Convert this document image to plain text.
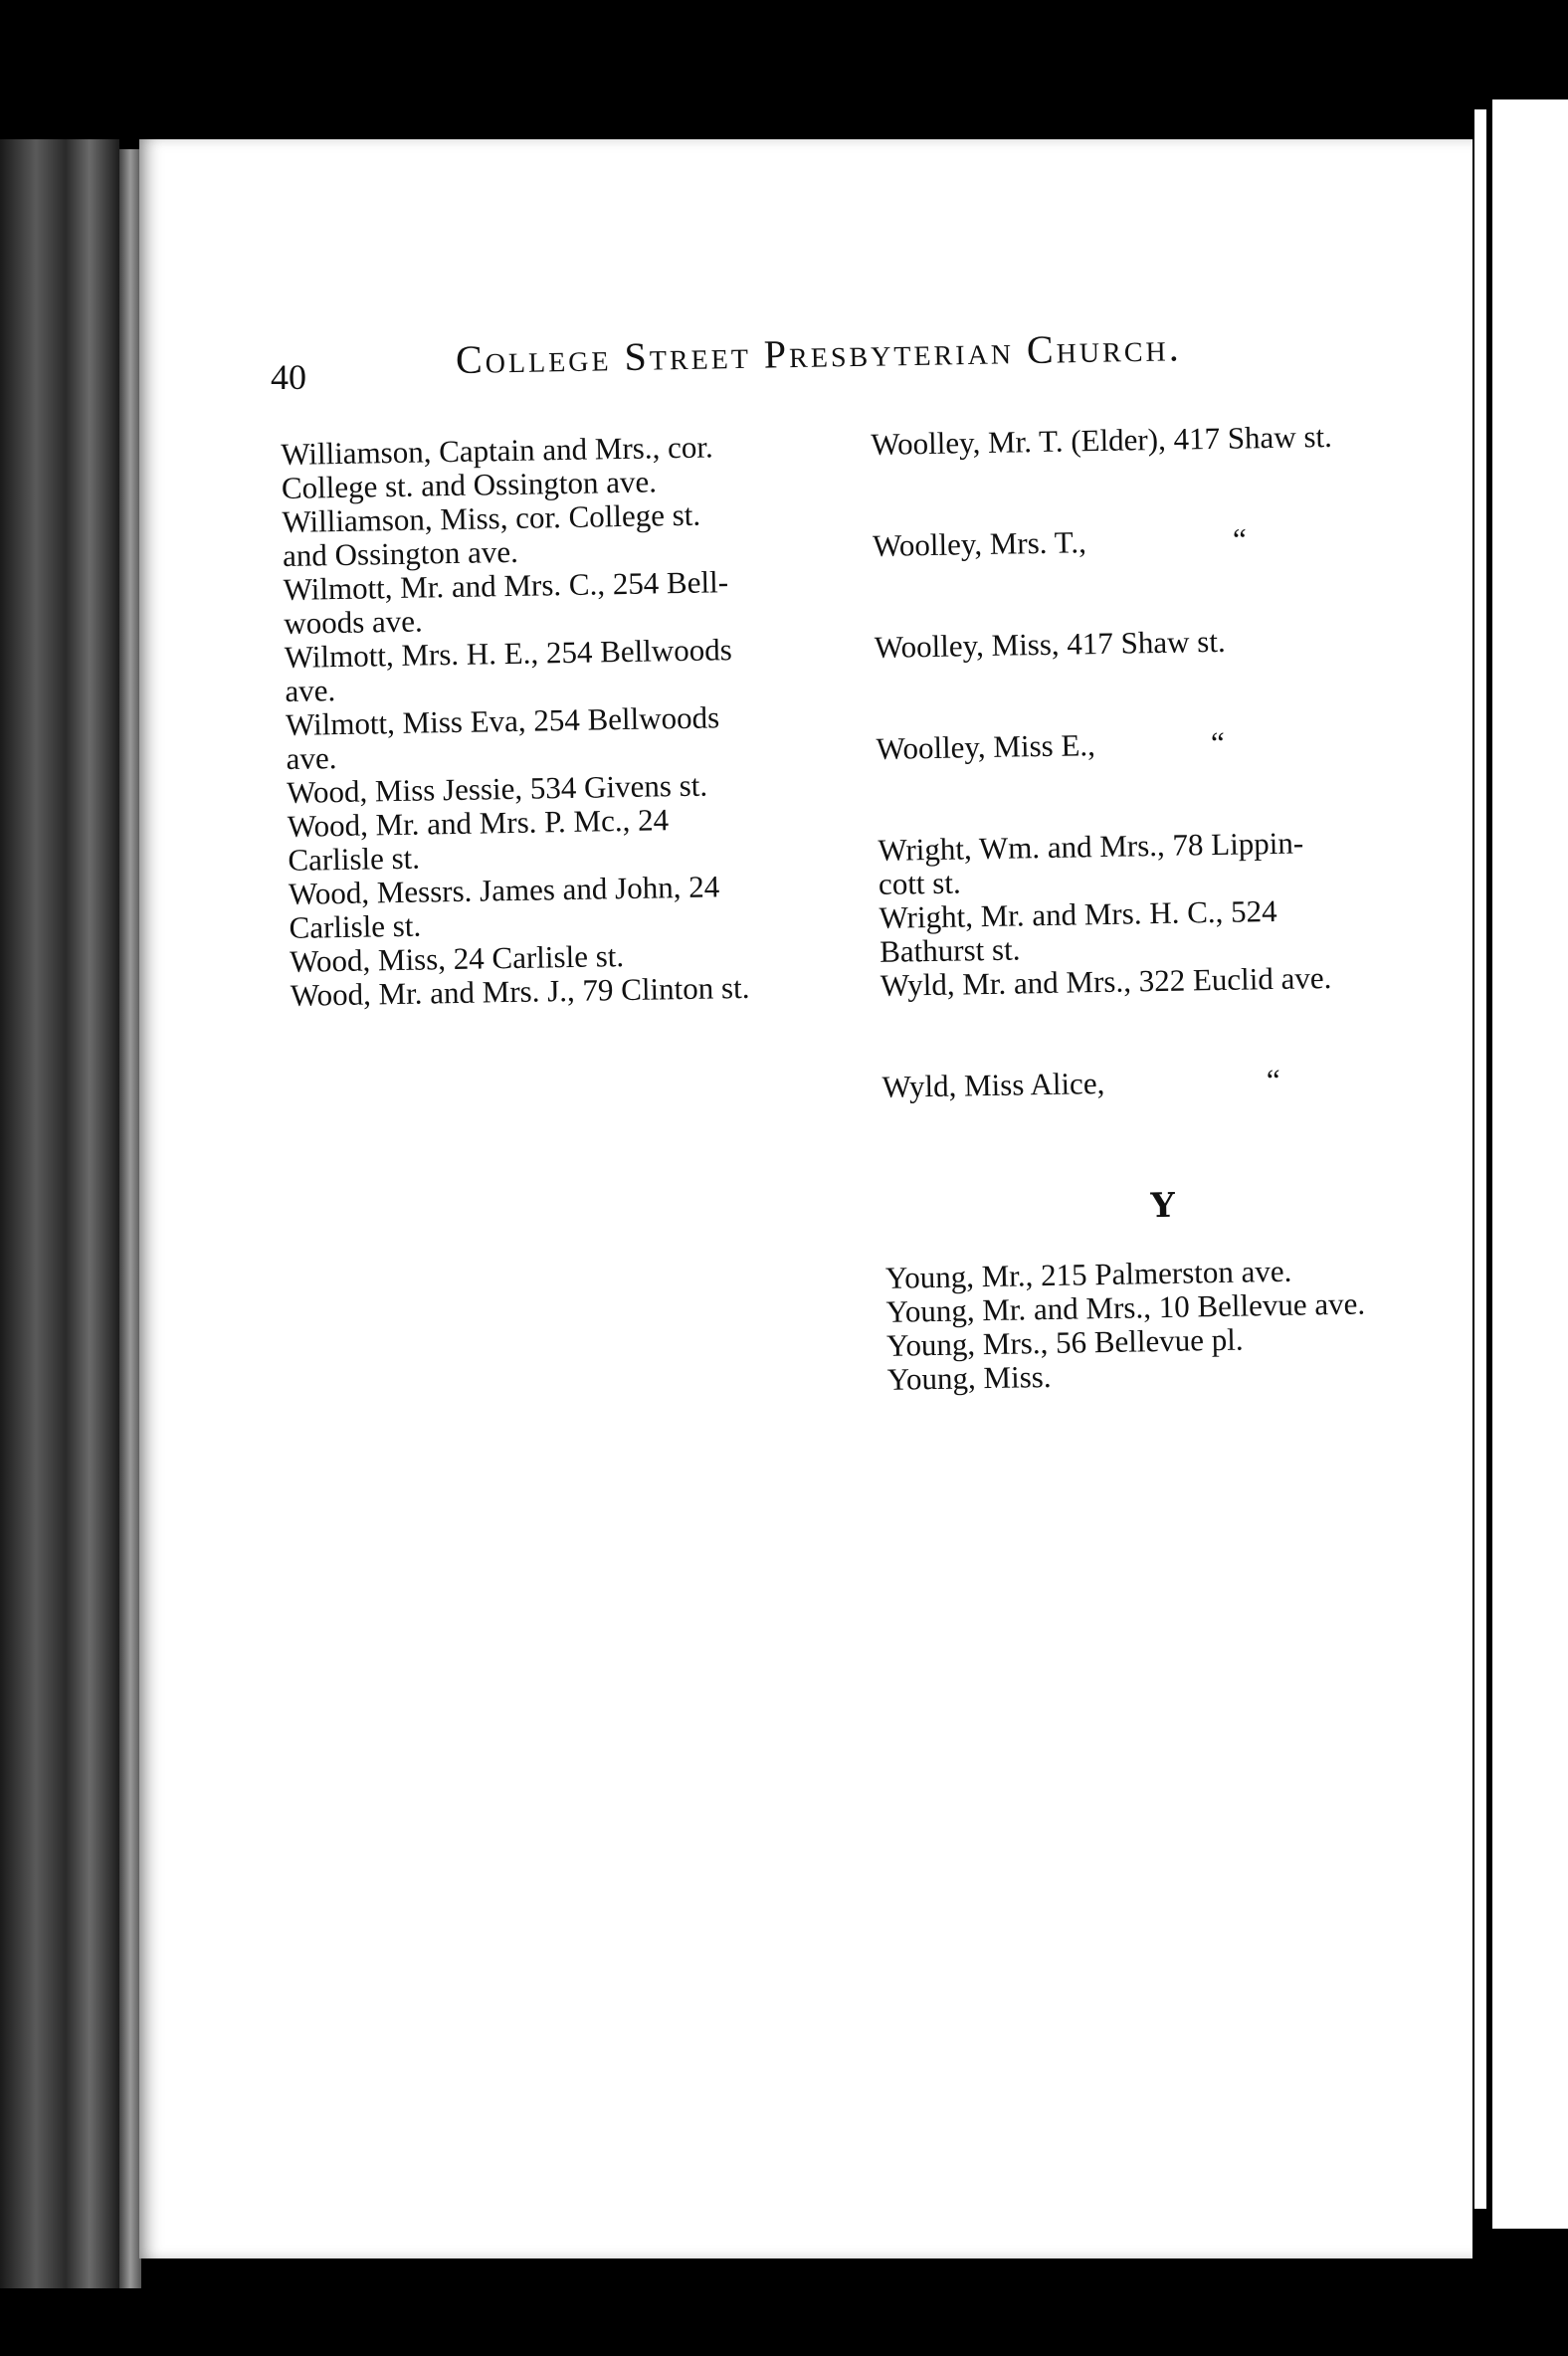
40	College Street Presbyterian Church.

Williamson, Captain and Mrs., cor.
College st. and Ossington ave.

Williamson, Miss, cor. College st.
and Ossington ave.

Wilmott, Mr. and Mrs. C., 254 Bell-
woods ave.

Wilmott, Mrs. H. E., 254 Bellwoods
ave.

Wilmott, Miss Eva, 254 Bellwoods
ave.

Wood, Miss Jessie, 534 Givens st.

Wood, Mr. and Mrs. P. Mc., 24
Carlisle st.

Wood, Messrs. James and John, 24
Carlisle st.

Wood, Miss, 24 Carlisle st.

Wood, Mr. and Mrs. J., 79 Clinton st.

Woolley, Mr. T. (Elder), 417 Shaw st.

Woolley, Mrs. T.,                   “

Woolley, Miss, 417 Shaw st.

Woolley, Miss E.,               “

Wright, Wm. and Mrs., 78 Lippin-
cott st.

Wright, Mr. and Mrs. H. C., 524
Bathurst st.

Wyld, Mr. and Mrs., 322 Euclid ave.

Wyld, Miss Alice,                     “

Y

Young, Mr., 215 Palmerston ave.

Young, Mr. and Mrs., 10 Bellevue ave.

Young, Mrs., 56 Bellevue pl.

Young, Miss.
